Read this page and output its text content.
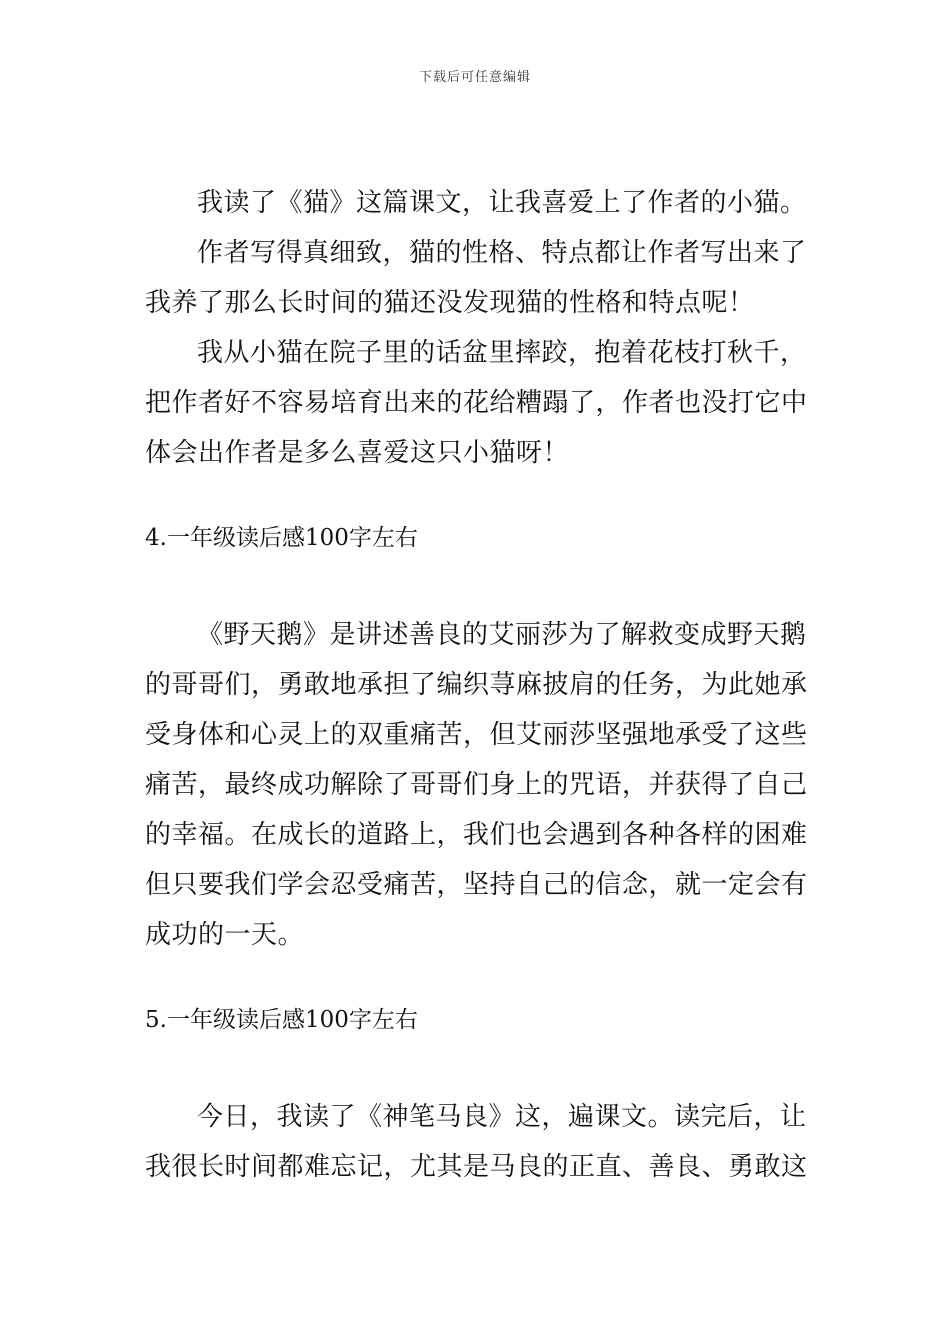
下载后可任意编辑
我读了《猫》这篇课文，让我喜爱上了作者的小猫。
作者写得真细致，猫的性格、特点都让作者写出来了
我养了那么长时间的猫还没发现猫的性格和特点呢！
我从小猫在院子里的话盆里摔跤，抱着花枝打秋千，
把作者好不容易培育出来的花给糟蹋了，作者也没打它中
体会出作者是多么喜爱这只小猫呀！
4.一年级读后感100字左右
《野天鹅》是讲述善良的艾丽莎为了解救变成野天鹅
的哥哥们，勇敢地承担了编织荨麻披肩的任务，为此她承
受身体和心灵上的双重痛苦，但艾丽莎坚强地承受了这些
痛苦，最终成功解除了哥哥们身上的咒语，并获得了自己
的幸福。在成长的道路上，我们也会遇到各种各样的困难
但只要我们学会忍受痛苦，坚持自己的信念，就一定会有
成功的一天。
5.一年级读后感100字左右
今日，我读了《神笔马良》这，遍课文。读完后，让
我很长时间都难忘记，尤其是马良的正直、善良、勇敢这
